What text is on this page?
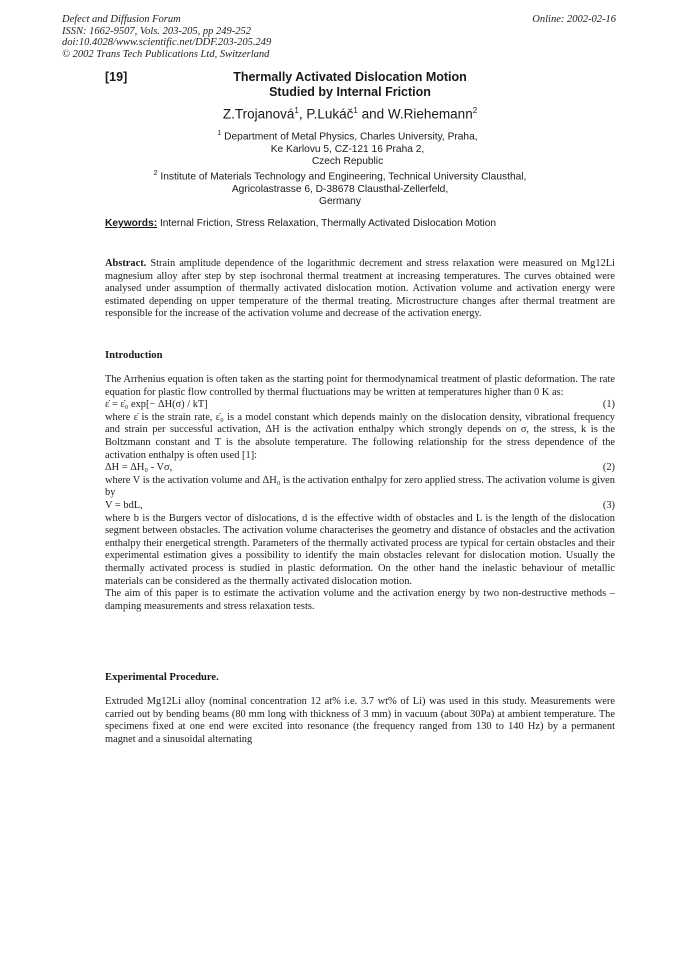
Defect and Diffusion Forum
ISSN: 1662-9507, Vols. 203-205, pp 249-252
doi:10.4028/www.scientific.net/DDF.203-205.249
© 2002 Trans Tech Publications Ltd, Switzerland
Online: 2002-02-16
[19]	Thermally Activated Dislocation Motion
Studied by Internal Friction
Z.Trojanová$^1$, P.Lukáč$^1$ and W.Riehemann$^2$
$^1$ Department of Metal Physics, Charles University, Praha,
Ke Karlovu 5, CZ-121 16 Praha 2,
Czech Republic
$^2$ Institute of Materials Technology and Engineering, Technical University Clausthal,
Agricolastrasse 6, D-38678 Clausthal-Zellerfeld,
Germany
Keywords: Internal Friction, Stress Relaxation, Thermally Activated Dislocation Motion

Abstract. Strain amplitude dependence of the logarithmic decrement and stress relaxation were measured on Mg12Li magnesium alloy after step by step isochronal thermal treatment at increasing temperatures. The curves obtained were analysed under assumption of thermally activated dislocation motion. Activation volume and activation energy were estimated depending on upper temperature of the thermal treating. Microstructure changes after thermal treatment are responsible for the increase of the activation volume and decrease of the activation energy.

Introduction

The Arrhenius equation is often taken as the starting point for thermodynamical treatment of plastic deformation. The rate equation for plastic flow controlled by thermal fluctuations may be written at temperatures higher than 0 K as:

ε̇ = ε̇₀ exp[− ΔH(σ) / kT]	(1)

where ε̇ is the strain rate, ε̇₀ is a model constant which depends mainly on the dislocation density, vibrational frequency and strain per successful activation, ΔH is the activation enthalpy which strongly depends on σ, the stress, k is the Boltzmann constant and T is the absolute temperature. The following relationship for the stress dependence of the activation enthalpy is often used [1]:

ΔH = ΔH₀ - Vσ,	(2)

where V is the activation volume and ΔH₀ is the activation enthalpy for zero applied stress. The activation volume is given by

V = bdL,	(3)

where b is the Burgers vector of dislocations, d is the effective width of obstacles and L is the length of the dislocation segment between obstacles. The activation volume characterises the geometry and distance of obstacles and the activation enthalpy their energetical strength. Parameters of the thermally activated process are typical for certain obstacles and their experimental estimation gives a possibility to identify the main obstacles relevant for dislocation motion. Usually the thermally activated process is studied in plastic deformation. On the other hand the inelastic behaviour of metallic materials can be considered as the thermally activated dislocation motion.

The aim of this paper is to estimate the activation volume and the activation energy by two non-destructive methods – damping measurements and stress relaxation tests.

Experimental Procedure.

Extruded Mg12Li alloy (nominal concentration 12 at% i.e. 3.7 wt% of Li) was used in this study. Measurements were carried out by bending beams (80 mm long with thickness of 3 mm) in vacuum (about 30Pa) at ambient temperature. The specimens fixed at one end were excited into resonance (the frequency ranged from 130 to 140 Hz) by a permanent magnet and a sinusoidal alternating
